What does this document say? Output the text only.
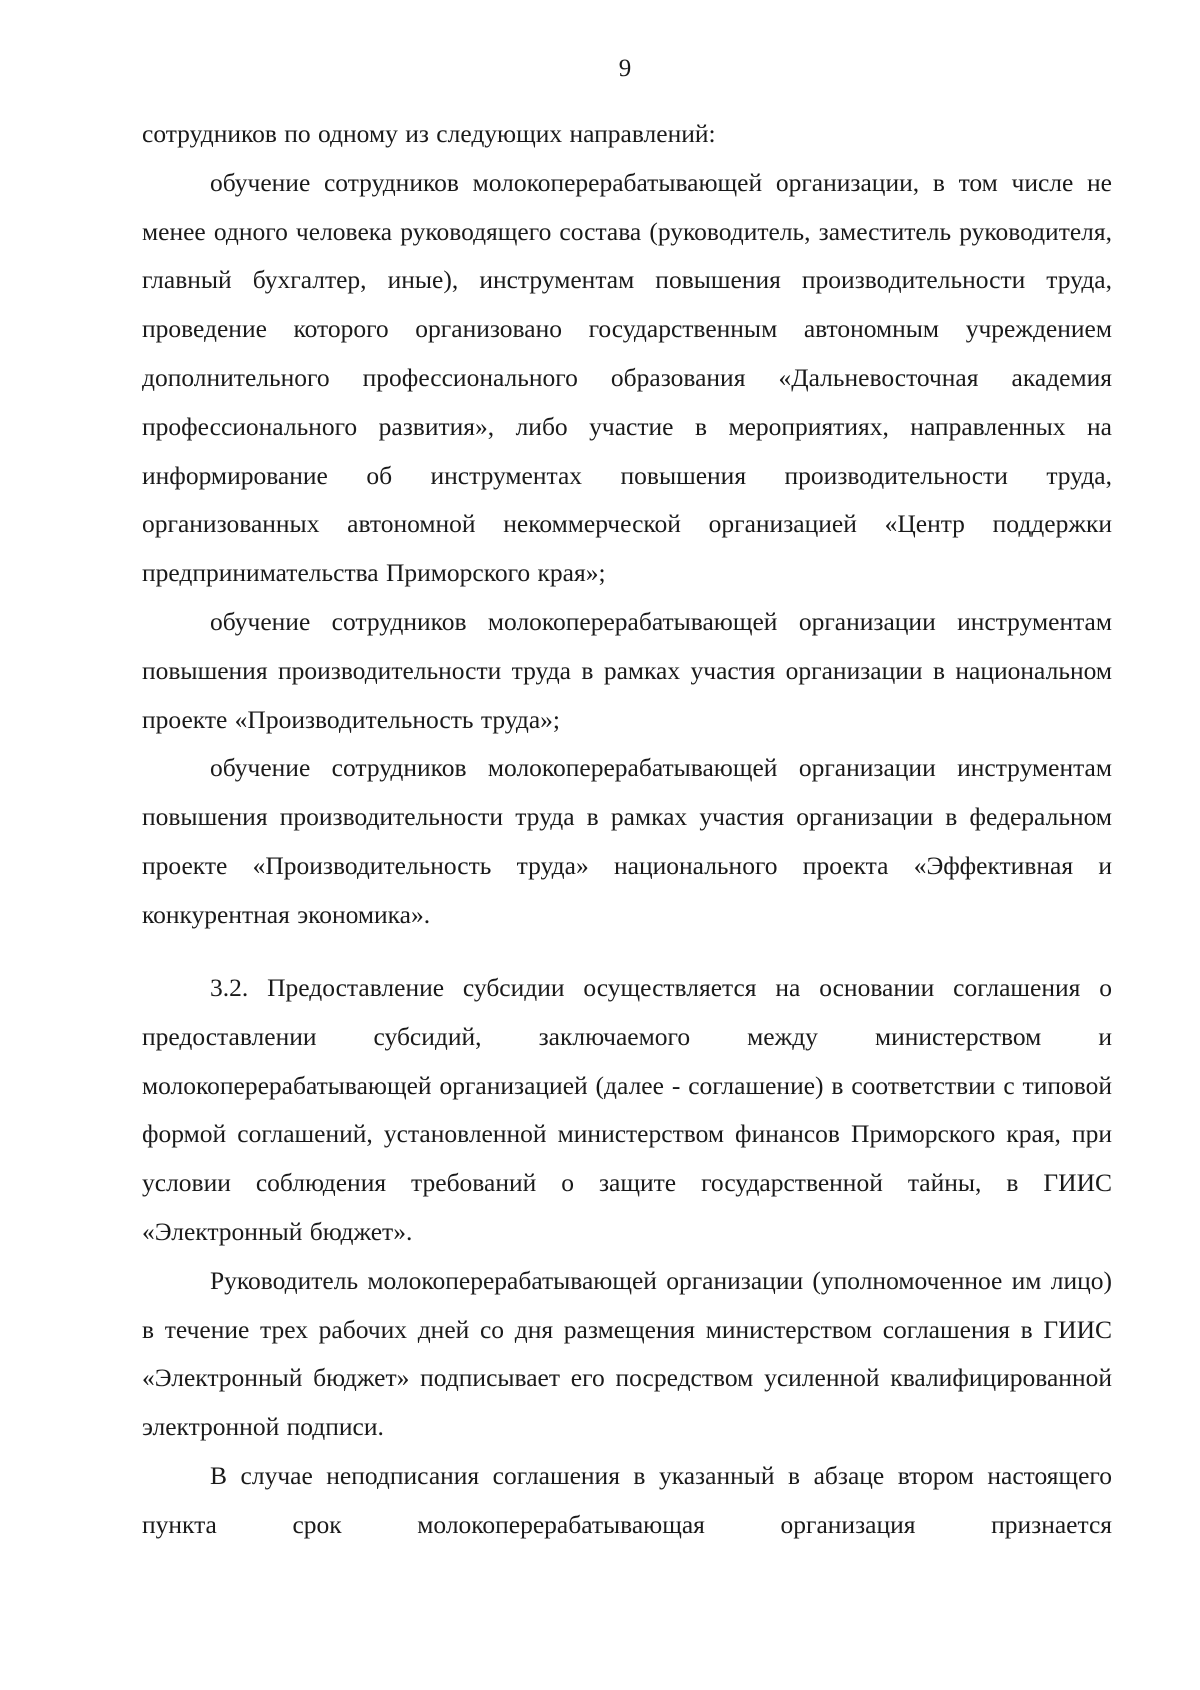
9

сотрудников по одному из следующих направлений:

обучение сотрудников молокоперерабатывающей организации, в том числе не менее одного человека руководящего состава (руководитель, заместитель руководителя, главный бухгалтер, иные), инструментам повышения производительности труда, проведение которого организовано государственным автономным учреждением дополнительного профессионального образования «Дальневосточная академия профессионального развития», либо участие в мероприятиях, направленных на информирование об инструментах повышения производительности труда, организованных автономной некоммерческой организацией «Центр поддержки предпринимательства Приморского края»;

обучение сотрудников молокоперерабатывающей организации инструментам повышения производительности труда в рамках участия организации в национальном проекте «Производительность труда»;

обучение сотрудников молокоперерабатывающей организации инструментам повышения производительности труда в рамках участия организации в федеральном проекте «Производительность труда» национального проекта «Эффективная и конкурентная экономика».

3.2. Предоставление субсидии осуществляется на основании соглашения о предоставлении субсидий, заключаемого между министерством и молокоперерабатывающей организацией (далее - соглашение) в соответствии с типовой формой соглашений, установленной министерством финансов Приморского края, при условии соблюдения требований о защите государственной тайны, в ГИИС «Электронный бюджет».

Руководитель молокоперерабатывающей организации (уполномоченное им лицо) в течение трех рабочих дней со дня размещения министерством соглашения в ГИИС «Электронный бюджет» подписывает его посредством усиленной квалифицированной электронной подписи.

В случае неподписания соглашения в указанный в абзаце втором настоящего пункта срок молокоперерабатывающая организация признается
